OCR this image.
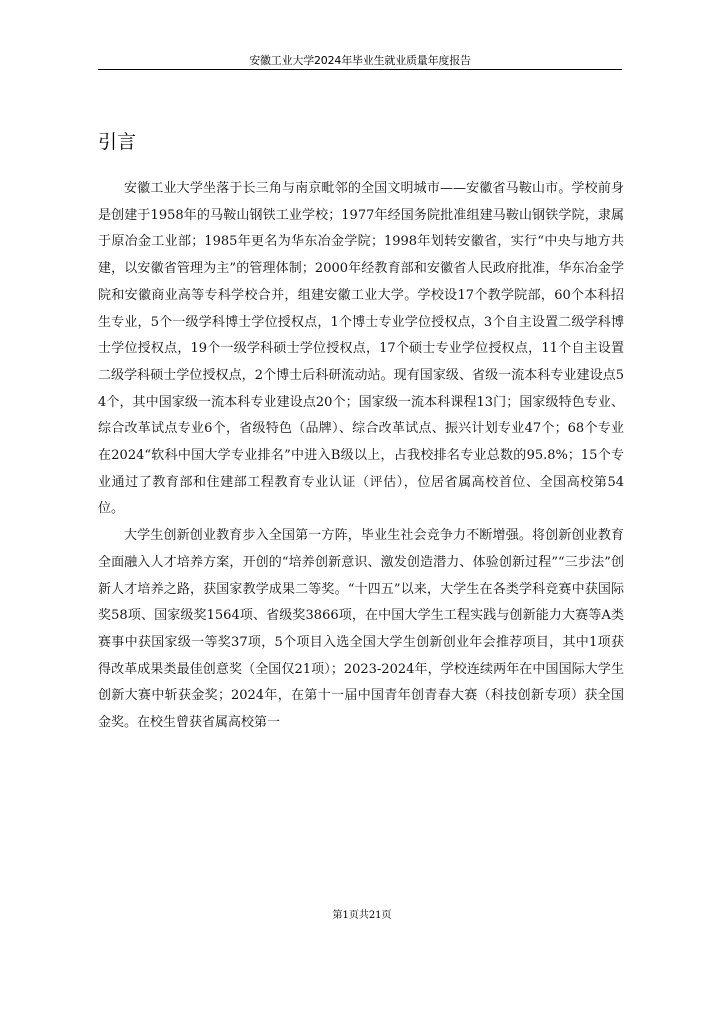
安徽工业大学2024年毕业生就业质量年度报告
引言

安徽工业大学坐落于长三角与南京毗邻的全国文明城市——安徽省马鞍山市。学校前身是创建于1958年的马鞍山钢铁工业学校；1977年经国务院批准组建马鞍山钢铁学院，隶属于原冶金工业部；1985年更名为华东冶金学院；1998年划转安徽省，实行“中央与地方共建，以安徽省管理为主”的管理体制；2000年经教育部和安徽省人民政府批准，华东冶金学院和安徽商业高等专科学校合并，组建安徽工业大学。学校设17个教学院部，60个本科招生专业，5个一级学科博士学位授权点，1个博士专业学位授权点，3个自主设置二级学科博士学位授权点，19个一级学科硕士学位授权点，17个硕士专业学位授权点，11个自主设置二级学科硕士学位授权点，2个博士后科研流动站。现有国家级、省级一流本科专业建设点54个，其中国家级一流本科专业建设点20个；国家级一流本科课程13门；国家级特色专业、综合改革试点专业6个，省级特色（品牌）、综合改革试点、振兴计划专业47个；68个专业在2024“软科中国大学专业排名”中进入B级以上，占我校排名专业总数的95.8%；15个专业通过了教育部和住建部工程教育专业认证（评估），位居省属高校首位、全国高校第54位。

大学生创新创业教育步入全国第一方阵，毕业生社会竞争力不断增强。将创新创业教育全面融入人才培养方案，开创的“培养创新意识、激发创造潜力、体验创新过程”“三步法”创新人才培养之路，获国家教学成果二等奖。“十四五”以来，大学生在各类学科竞赛中获国际奖58项、国家级奖1564项、省级奖3866项，在中国大学生工程实践与创新能力大赛等A类赛事中获国家级一等奖37项，5个项目入选全国大学生创新创业年会推荐项目，其中1项获得改革成果类最佳创意奖（全国仅21项）；2023-2024年，学校连续两年在中国国际大学生创新大赛中斩获金奖；2024年，在第十一届中国青年创青春大赛（科技创新专项）获全国金奖。在校生曾获省属高校第一

第1页共21页
